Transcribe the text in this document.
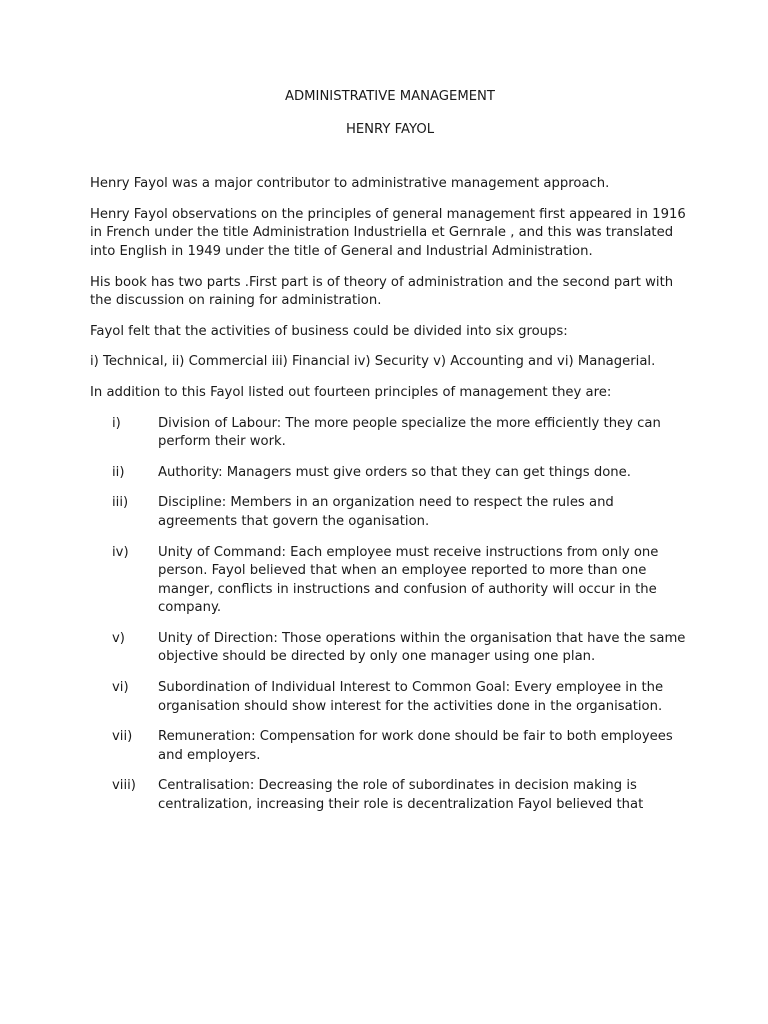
ADMINISTRATIVE MANAGEMENT
HENRY FAYOL

Henry Fayol was a major contributor to administrative management approach.

Henry Fayol observations on the principles of general management first appeared in 1916 in French under the title Administration Industriella et Gernrale , and this was translated into English in 1949 under the title of General and Industrial Administration.

His book has two parts .First part is of theory of administration and the second part with the discussion on raining for administration.

Fayol felt that the activities of business could be divided into six groups:

i) Technical, ii) Commercial iii) Financial iv) Security v) Accounting and vi) Managerial.

In addition to this Fayol listed out fourteen principles of management they are:

i)	Division of Labour: The more people specialize the more efficiently they can perform their work.
ii)	Authority: Managers must give orders so that they can get things done.
iii) Discipline: Members in an organization need to respect the rules and agreements that govern the oganisation.
iv) Unity of Command: Each employee must receive instructions from only one person. Fayol believed that when an employee reported to more than one manger, conflicts in instructions and confusion of authority will occur in the company.
v)	Unity of Direction: Those operations within the organisation that have the same objective should be directed by only one manager using one plan.
vi) Subordination of Individual Interest to Common Goal: Every employee in the organisation should show interest for the activities done in the organisation.
vii) Remuneration: Compensation for work done should be fair to both employees and employers.
viii) Centralisation: Decreasing the role of subordinates in decision making is centralization, increasing their role is decentralization Fayol believed that
